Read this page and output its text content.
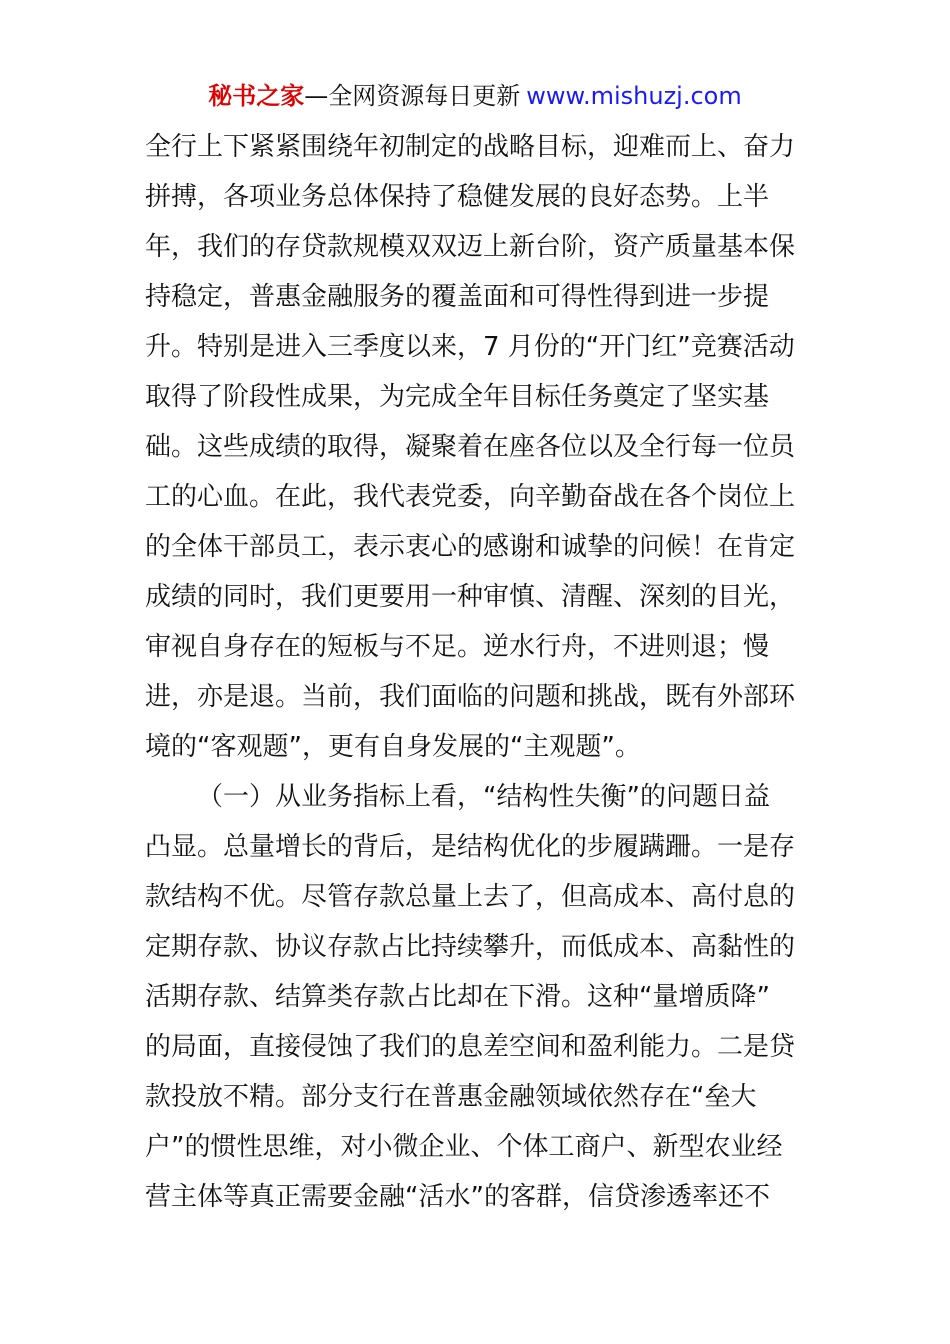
秘书之家—全网资源每日更新 www.mishuzj.com
全行上下紧紧围绕年初制定的战略目标，迎难而上、奋力
拼搏，各项业务总体保持了稳健发展的良好态势。上半
年，我们的存贷款规模双双迈上新台阶，资产质量基本保
持稳定，普惠金融服务的覆盖面和可得性得到进一步提
升。特别是进入三季度以来，7 月份的“开门红”竞赛活动
取得了阶段性成果，为完成全年目标任务奠定了坚实基
础。这些成绩的取得，凝聚着在座各位以及全行每一位员
工的心血。在此，我代表党委，向辛勤奋战在各个岗位上
的全体干部员工，表示衷心的感谢和诚挚的问候！在肯定
成绩的同时，我们更要用一种审慎、清醒、深刻的目光，
审视自身存在的短板与不足。逆水行舟，不进则退；慢
进，亦是退。当前，我们面临的问题和挑战，既有外部环
境的“客观题”，更有自身发展的“主观题”。
（一）从业务指标上看，“结构性失衡”的问题日益
凸显。总量增长的背后，是结构优化的步履蹒跚。一是存
款结构不优。尽管存款总量上去了，但高成本、高付息的
定期存款、协议存款占比持续攀升，而低成本、高黏性的
活期存款、结算类存款占比却在下滑。这种“量增质降”
的局面，直接侵蚀了我们的息差空间和盈利能力。二是贷
款投放不精。部分支行在普惠金融领域依然存在“垒大
户”的惯性思维，对小微企业、个体工商户、新型农业经
营主体等真正需要金融“活水”的客群，信贷渗透率还不
